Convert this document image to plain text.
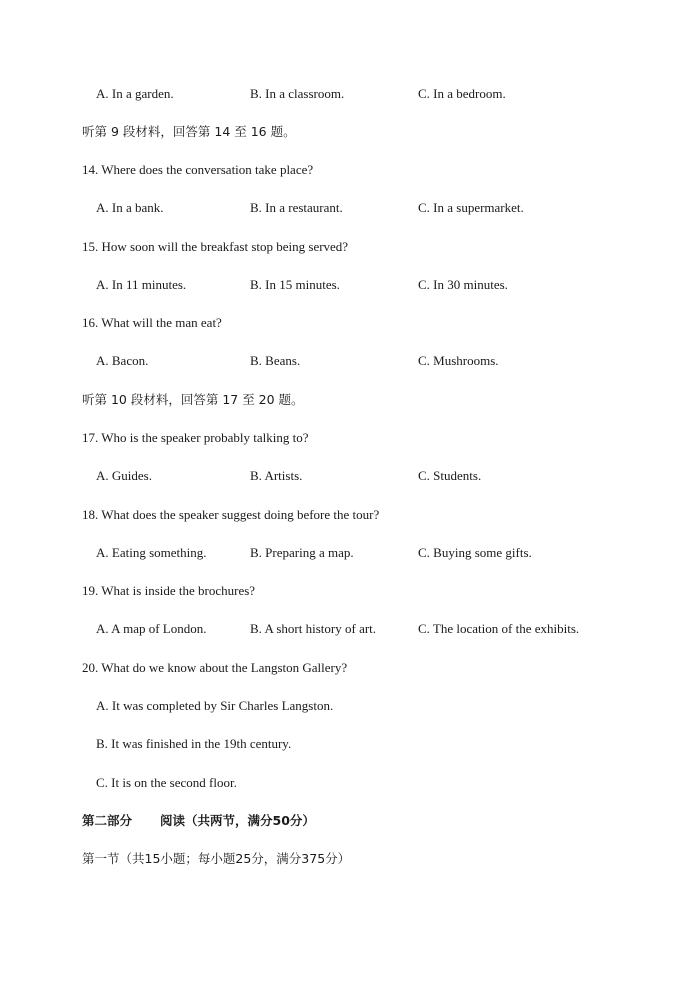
A. In a garden.	B. In a classroom.	C. In a bedroom.
听第 9 段材料，回答第 14 至 16 题。
14. Where does the conversation take place?
A. In a bank.	B. In a restaurant.	C. In a supermarket.
15. How soon will the breakfast stop being served?
A. In 11 minutes.	B. In 15 minutes.	C. In 30 minutes.
16. What will the man eat?
A. Bacon.	B. Beans.	C. Mushrooms.
听第 10 段材料，回答第 17 至 20 题。
17. Who is the speaker probably talking to?
A. Guides.	B. Artists.	C. Students.
18. What does the speaker suggest doing before the tour?
A. Eating something.	B. Preparing a map.	C. Buying some gifts.
19. What is inside the brochures?
A. A map of London.	B. A short history of art.	C. The location of the exhibits.
20. What do we know about the Langston Gallery?
A. It was completed by Sir Charles Langston.
B. It was finished in the 19th century.
C. It is on the second floor.
第二部分 阅读（共两节，满分50分）
第一节（共15小题；每小题25分，满分375分）
